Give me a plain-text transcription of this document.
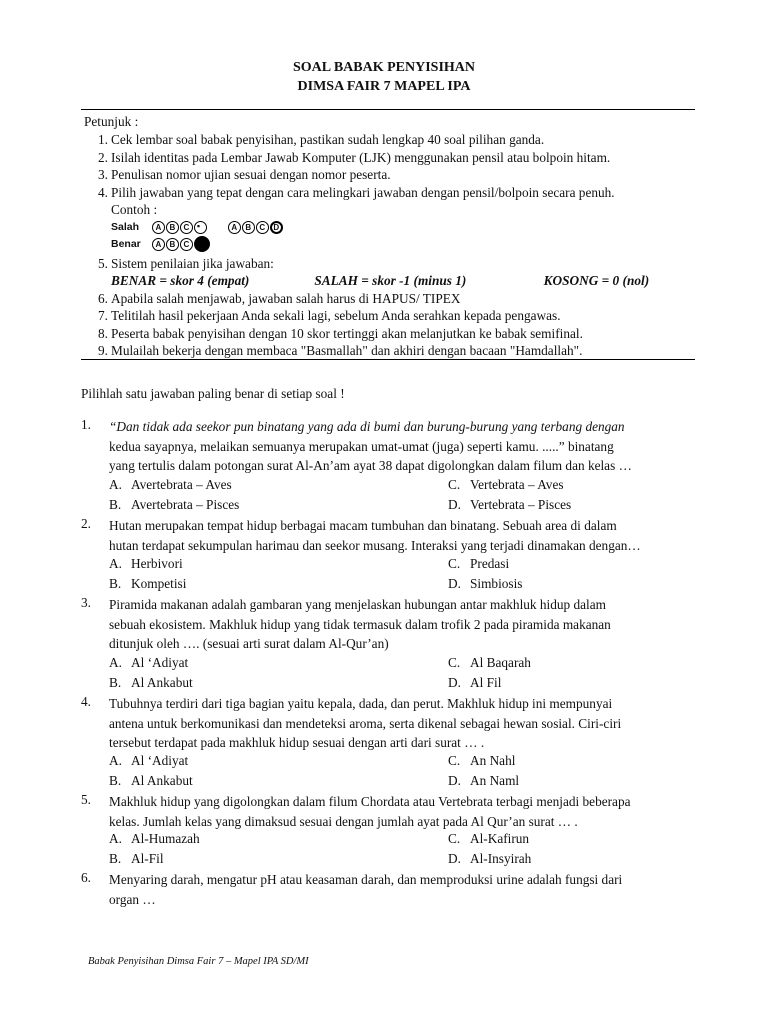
SOAL BABAK PENYISIHAN
DIMSA FAIR 7 MAPEL IPA
Petunjuk :
1. Cek lembar soal babak penyisihan, pastikan sudah lengkap 40 soal pilihan ganda.
2. Isilah identitas pada Lembar Jawab Komputer (LJK) menggunakan pensil atau bolpoin hitam.
3. Penulisan nomor ujian sesuai dengan nomor peserta.
4. Pilih jawaban yang tepat dengan cara melingkari jawaban dengan pensil/bolpoin secara penuh.
Contoh :
Salah A B C▪	A B C D
Benar A B C
5. Sistem penilaian jika jawaban:
BENAR = skor 4 (empat)	SALAH = skor -1 (minus 1)	KOSONG = 0 (nol)
6. Apabila salah menjawab, jawaban salah harus di HAPUS/ TIPEX
7. Telitilah hasil pekerjaan Anda sekali lagi, sebelum Anda serahkan kepada pengawas.
8. Peserta babak penyisihan dengan 10 skor tertinggi akan melanjutkan ke babak semifinal.
9. Mulailah bekerja dengan membaca "Basmallah" dan akhiri dengan bacaan "Hamdallah".
Pilihlah satu jawaban paling benar di setiap soal !
1. “Dan tidak ada seekor pun binatang yang ada di bumi dan burung-burung yang terbang dengan
kedua sayapnya, melaikan semuanya merupakan umat-umat (juga) seperti kamu. .....” binatang
yang tertulis dalam potongan surat Al-An’am ayat 38 dapat digolongkan dalam filum dan kelas …
A. Avertebrata – Aves	C. Vertebrata – Aves
B. Avertebrata – Pisces	D. Vertebrata – Pisces
2. Hutan merupakan tempat hidup berbagai macam tumbuhan dan binatang. Sebuah area di dalam
hutan terdapat sekumpulan harimau dan seekor musang. Interaksi yang terjadi dinamakan dengan…
A. Herbivori	C. Predasi
B. Kompetisi	D. Simbiosis
3. Piramida makanan adalah gambaran yang menjelaskan hubungan antar makhluk hidup dalam
sebuah ekosistem. Makhluk hidup yang tidak termasuk dalam trofik 2 pada piramida makanan
ditunjuk oleh …. (sesuai arti surat dalam Al-Qur’an)
A. Al ‘Adiyat	C. Al Baqarah
B. Al Ankabut	D. Al Fil
4. Tubuhnya terdiri dari tiga bagian yaitu kepala, dada, dan perut. Makhluk hidup ini mempunyai
antena untuk berkomunikasi dan mendeteksi aroma, serta dikenal sebagai hewan sosial. Ciri-ciri
tersebut terdapat pada makhluk hidup sesuai dengan arti dari surat … .
A. Al ‘Adiyat	C. An Nahl
B. Al Ankabut	D. An Naml
5. Makhluk hidup yang digolongkan dalam filum Chordata atau Vertebrata terbagi menjadi beberapa
kelas. Jumlah kelas yang dimaksud sesuai dengan jumlah ayat pada Al Qur’an surat … .
A. Al-Humazah	C. Al-Kafirun
B. Al-Fil	D. Al-Insyirah
6. Menyaring darah, mengatur pH atau keasaman darah, dan memproduksi urine adalah fungsi dari
organ …
Babak Penyisihan Dimsa Fair 7 – Mapel IPA SD/MI
